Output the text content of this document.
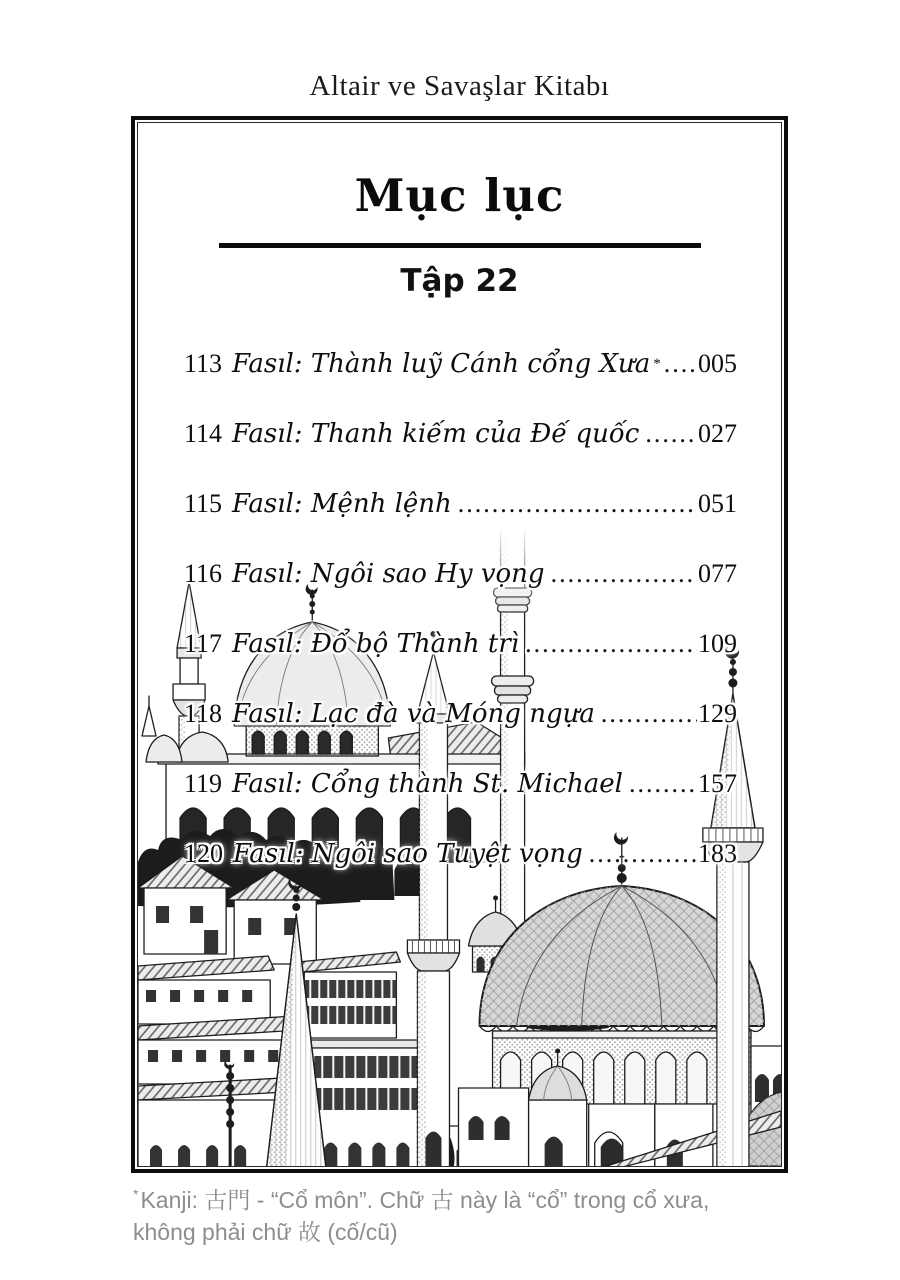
Altair ve Savaşlar Kitabı
Mục lục
Tập 22
113 Fasıl: Thành luỹ Cánh cổng Xưa * ..... 005
114 Fasıl: Thanh kiếm của Đế quốc ..... 027
115 Fasıl: Mệnh lệnh .....	051
116 Fasıl: Ngôi sao Hy vọng .....	077
117 Fasıl: Đổ bộ Thành trì .....	109
118 Fasıl: Lạc đà và Móng ngựa .....	129
119 Fasıl: Cổng thành St. Michael .....	157
120 Fasıl: Ngôi sao Tuyệt vọng .....	183
*Kanji: 古門 - “Cổ môn”. Chữ 古 này là “cổ” trong cổ xưa,
không phải chữ 故 (cố/cũ)
